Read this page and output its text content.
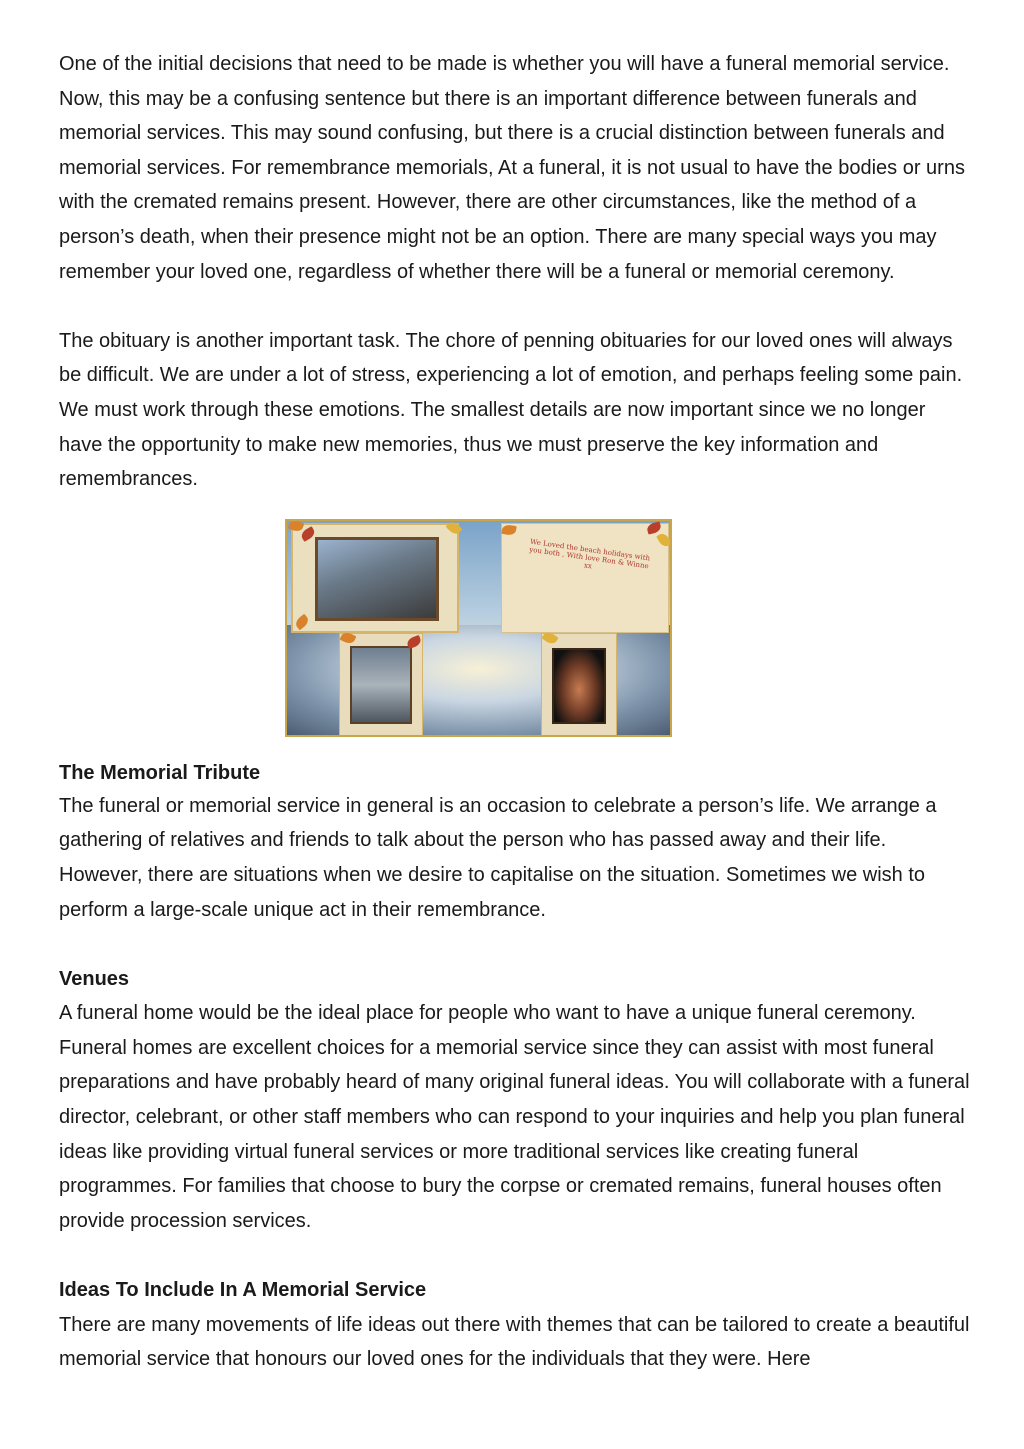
One of the initial decisions that need to be made is whether you will have a funeral memorial service. Now, this may be a confusing sentence but there is an important difference between funerals and memorial services. This may sound confusing, but there is a crucial distinction between funerals and memorial services. For remembrance memorials, At a funeral, it is not usual to have the bodies or urns with the cremated remains present. However, there are other circumstances, like the method of a person’s death, when their presence might not be an option. There are many special ways you may remember your loved one, regardless of whether there will be a funeral or memorial ceremony.

The obituary is another important task. The chore of penning obituaries for our loved ones will always be difficult. We are under a lot of stress, experiencing a lot of emotion, and perhaps feeling some pain. We must work through these emotions. The smallest details are now important since we no longer have the opportunity to make new memories, thus we must preserve the key information and remembrances.

We Loved the beach holidays with you both , With love Ron & Winne xx

The Memorial Tribute

The funeral or memorial service in general is an occasion to celebrate a person’s life. We arrange a gathering of relatives and friends to talk about the person who has passed away and their life. However, there are situations when we desire to capitalise on the situation. Sometimes we wish to perform a large-scale unique act in their remembrance.

Venues

A funeral home would be the ideal place for people who want to have a unique funeral ceremony. Funeral homes are excellent choices for a memorial service since they can assist with most funeral preparations and have probably heard of many original funeral ideas. You will collaborate with a funeral director, celebrant, or other staff members who can respond to your inquiries and help you plan funeral ideas like providing virtual funeral services or more traditional services like creating funeral programmes. For families that choose to bury the corpse or cremated remains, funeral houses often provide procession services.

Ideas To Include In A Memorial Service

There are many movements of life ideas out there with themes that can be tailored to create a beautiful memorial service that honours our loved ones for the individuals that they were. Here
